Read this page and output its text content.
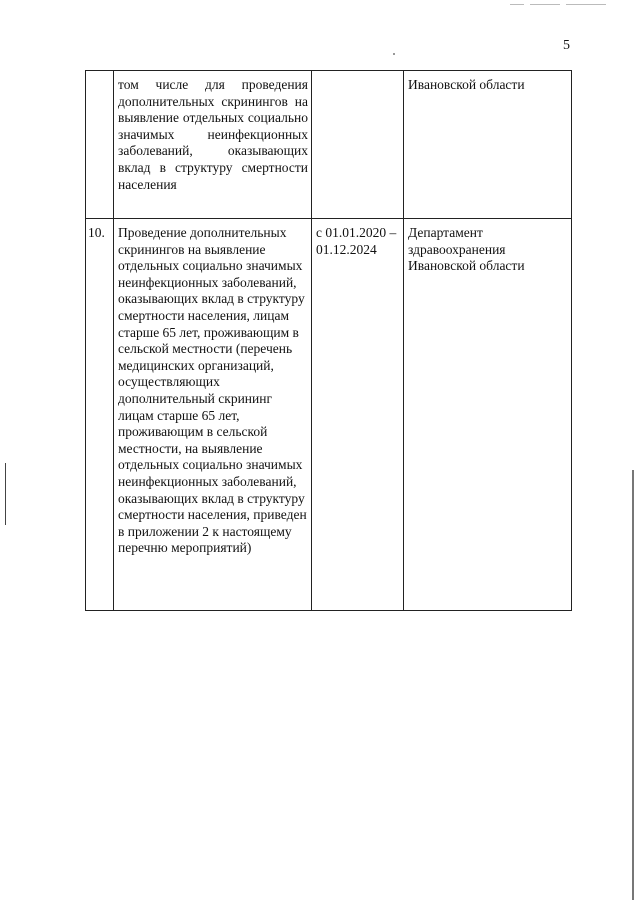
5
	том числе для проведения дополнительных скринингов на выявление отдельных социально значимых неинфекционных заболеваний, оказывающих вклад в структуру смертности населения		Ивановской области
10.	Проведение дополнительных скринингов на выявление отдельных социально значимых неинфекционных заболеваний, оказывающих вклад в структуру смертности населения, лицам старше 65 лет, проживающим в сельской местности (перечень медицинских организаций, осуществляющих дополнительный скрининг лицам старше 65 лет, проживающим в сельской местности, на выявление отдельных социально значимых неинфекционных заболеваний, оказывающих вклад в структуру смертности населения, приведен в приложении 2 к настоящему перечню мероприятий)	с 01.01.2020 – 01.12.2024	Департамент здравоохранения Ивановской области
